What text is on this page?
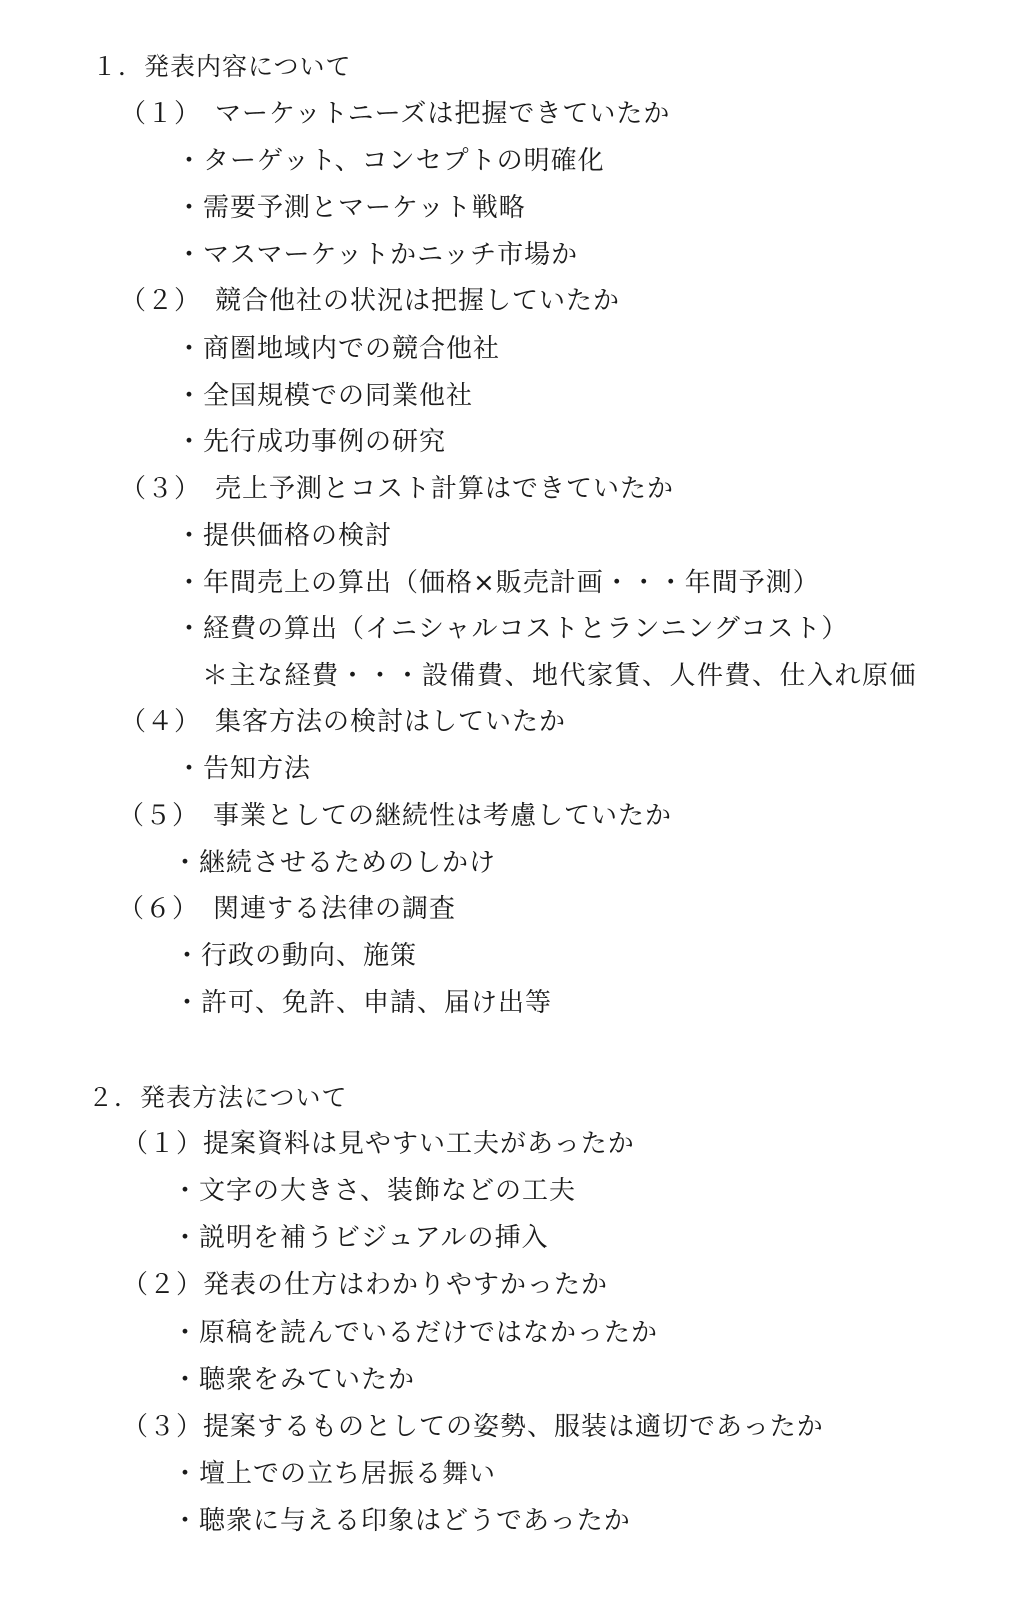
１．発表内容について
（１）　マーケットニーズは把握できていたか
・ターゲット、コンセプトの明確化
・需要予測とマーケット戦略
・マスマーケットかニッチ市場か
（２）　競合他社の状況は把握していたか
・商圏地域内での競合他社
・全国規模での同業他社
・先行成功事例の研究
（３）　売上予測とコスト計算はできていたか
・提供価格の検討
・年間売上の算出（価格×販売計画・・・年間予測）
・経費の算出（イニシャルコストとランニングコスト）
＊主な経費・・・設備費、地代家賃、人件費、仕入れ原価
（４）　集客方法の検討はしていたか
・告知方法
（５）　事業としての継続性は考慮していたか
・継続させるためのしかけ
（６）　関連する法律の調査
・行政の動向、施策
・許可、免許、申請、届け出等
２．発表方法について
（１）提案資料は見やすい工夫があったか
・文字の大きさ、装飾などの工夫
・説明を補うビジュアルの挿入
（２）発表の仕方はわかりやすかったか
・原稿を読んでいるだけではなかったか
・聴衆をみていたか
（３）提案するものとしての姿勢、服装は適切であったか
・壇上での立ち居振る舞い
・聴衆に与える印象はどうであったか
